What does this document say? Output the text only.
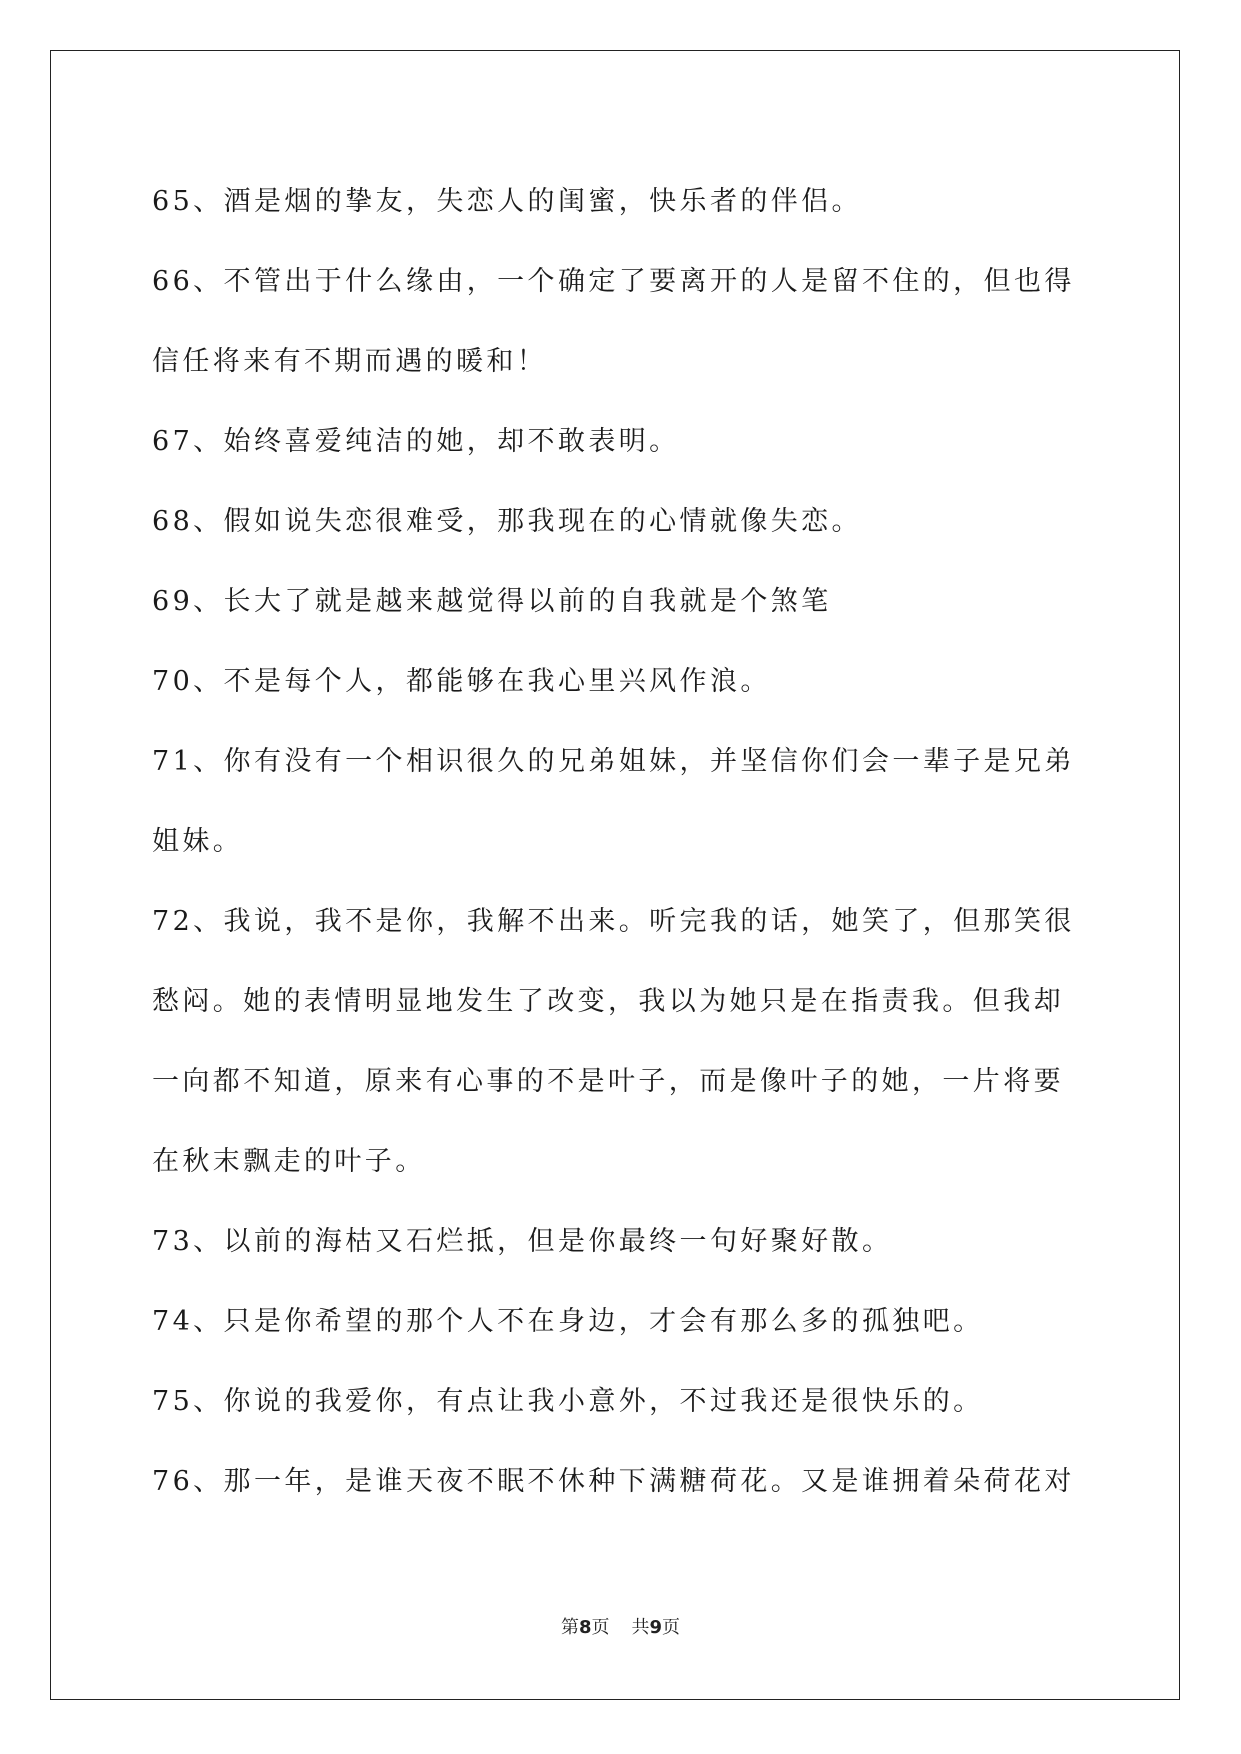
65、酒是烟的挚友，失恋人的闺蜜，快乐者的伴侣。

66、不管出于什么缘由，一个确定了要离开的人是留不住的，但也得
信任将来有不期而遇的暖和！

67、始终喜爱纯洁的她，却不敢表明。

68、假如说失恋很难受，那我现在的心情就像失恋。

69、长大了就是越来越觉得以前的自我就是个煞笔

70、不是每个人，都能够在我心里兴风作浪。

71、你有没有一个相识很久的兄弟姐妹，并坚信你们会一辈子是兄弟
姐妹。

72、我说，我不是你，我解不出来。听完我的话，她笑了，但那笑很
愁闷。她的表情明显地发生了改变，我以为她只是在指责我。但我却
一向都不知道，原来有心事的不是叶子，而是像叶子的她，一片将要
在秋末飘走的叶子。

73、以前的海枯又石烂抵，但是你最终一句好聚好散。

74、只是你希望的那个人不在身边，才会有那么多的孤独吧。

75、你说的我爱你，有点让我小意外，不过我还是很快乐的。

76、那一年，是谁天夜不眠不休种下满糖荷花。又是谁拥着朵荷花对

第8页 共9页
